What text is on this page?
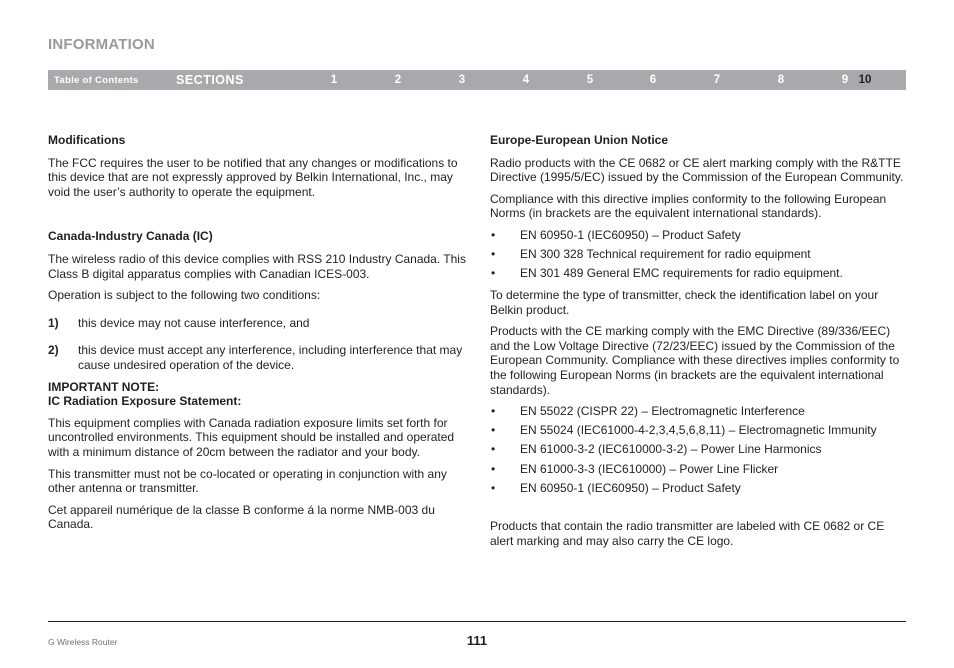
INFORMATION
Table of Contents	SECTIONS	1	2	3	4	5	6	7	8	9 10
Modifications

The FCC requires the user to be notified that any changes or modifications to this device that are not expressly approved by Belkin International, Inc., may void the user’s authority to operate the equipment.

Canada-Industry Canada (IC)

The wireless radio of this device complies with RSS 210 Industry Canada. This Class B digital apparatus complies with Canadian ICES-003.

Operation is subject to the following two conditions:

1) this device may not cause interference, and
2) this device must accept any interference, including interference that may cause undesired operation of the device.
IMPORTANT NOTE:
IC Radiation Exposure Statement:

This equipment complies with Canada radiation exposure limits set forth for uncontrolled environments. This equipment should be installed and operated with a minimum distance of 20cm between the radiator and your body.

This transmitter must not be co-located or operating in conjunction with any other antenna or transmitter.

Cet appareil numérique de la classe B conforme á la norme NMB-003 du Canada.

Europe-European Union Notice

Radio products with the CE 0682 or CE alert marking comply with the R&TTE Directive (1995/5/EC) issued by the Commission of the European Community.

Compliance with this directive implies conformity to the following European Norms (in brackets are the equivalent international standards).

• EN 60950-1 (IEC60950) – Product Safety
• EN 300 328 Technical requirement for radio equipment
• EN 301 489 General EMC requirements for radio equipment.

To determine the type of transmitter, check the identification label on your Belkin product.

Products with the CE marking comply with the EMC Directive (89/336/EEC) and the Low Voltage Directive (72/23/EEC) issued by the Commission of the European Community. Compliance with these directives implies conformity to the following European Norms (in brackets are the equivalent international standards).

• EN 55022 (CISPR 22) – Electromagnetic Interference
• EN 55024 (IEC61000-4-2,3,4,5,6,8,11) – Electromagnetic Immunity
• EN 61000-3-2 (IEC610000-3-2) – Power Line Harmonics
• EN 61000-3-3 (IEC610000) – Power Line Flicker
• EN 60950-1 (IEC60950) – Product Safety

Products that contain the radio transmitter are labeled with CE 0682 or CE alert marking and may also carry the CE logo.

G Wireless Router	111
